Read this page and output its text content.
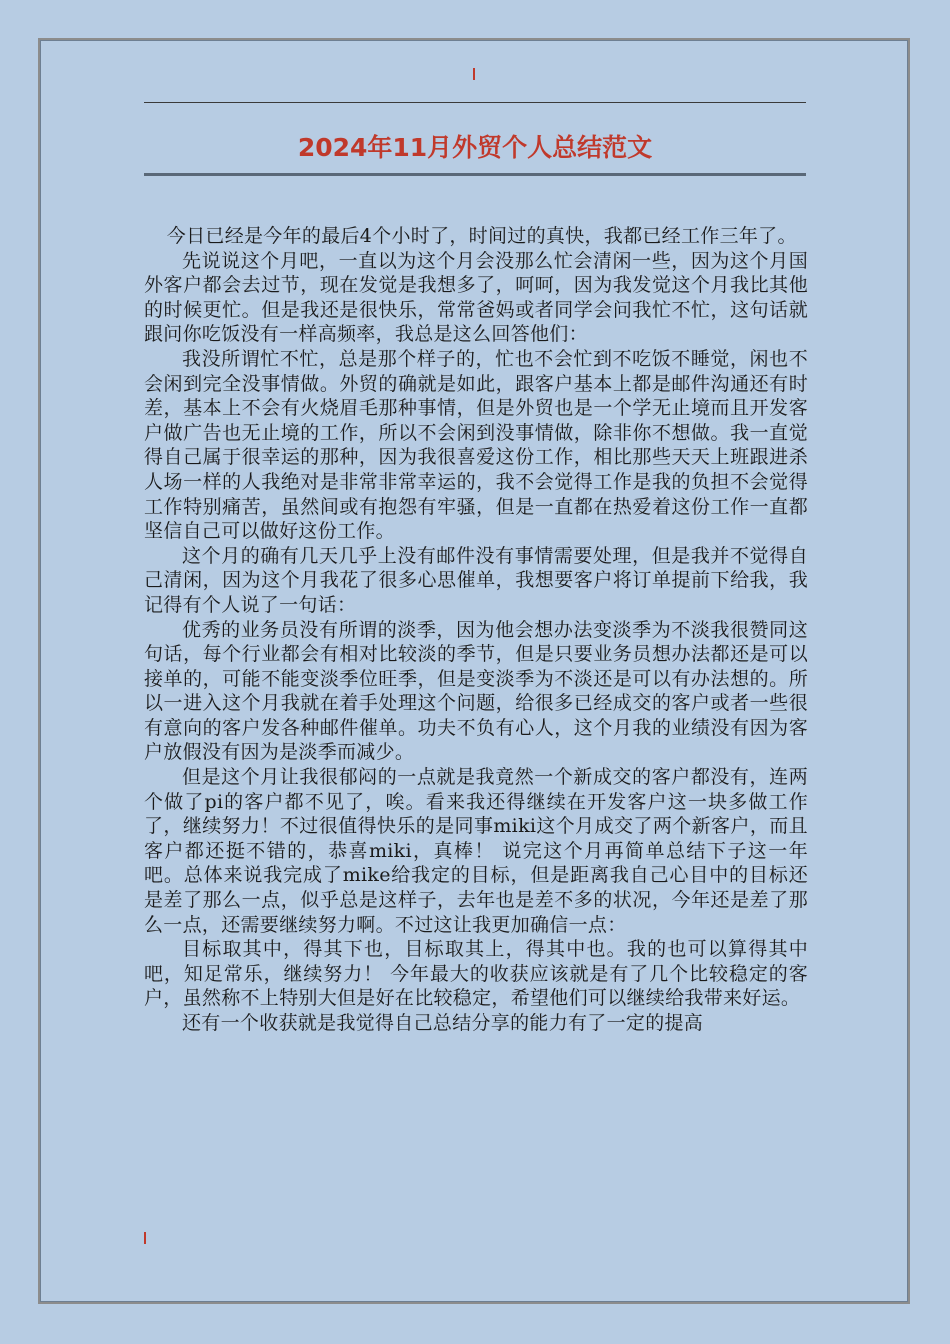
2024年11月外贸个人总结范文

今日已经是今年的最后4个小时了，时间过的真快，我都已经工作三年了。

先说说这个月吧，一直以为这个月会没那么忙会清闲一些，因为这个月国外客户都会去过节，现在发觉是我想多了，呵呵，因为我发觉这个月我比其他的时候更忙。但是我还是很快乐，常常爸妈或者同学会问我忙不忙，这句话就跟问你吃饭没有一样高频率，我总是这么回答他们：

我没所谓忙不忙，总是那个样子的，忙也不会忙到不吃饭不睡觉，闲也不会闲到完全没事情做。外贸的确就是如此，跟客户基本上都是邮件沟通还有时差，基本上不会有火烧眉毛那种事情，但是外贸也是一个学无止境而且开发客户做广告也无止境的工作，所以不会闲到没事情做，除非你不想做。我一直觉得自己属于很幸运的那种，因为我很喜爱这份工作，相比那些天天上班跟进杀人场一样的人我绝对是非常非常幸运的，我不会觉得工作是我的负担不会觉得工作特别痛苦，虽然间或有抱怨有牢骚，但是一直都在热爱着这份工作一直都坚信自己可以做好这份工作。

这个月的确有几天几乎上没有邮件没有事情需要处理，但是我并不觉得自己清闲，因为这个月我花了很多心思催单，我想要客户将订单提前下给我，我记得有个人说了一句话：

优秀的业务员没有所谓的淡季，因为他会想办法变淡季为不淡我很赞同这句话，每个行业都会有相对比较淡的季节，但是只要业务员想办法都还是可以接单的，可能不能变淡季位旺季，但是变淡季为不淡还是可以有办法想的。所以一进入这个月我就在着手处理这个问题，给很多已经成交的客户或者一些很有意向的客户发各种邮件催单。功夫不负有心人，这个月我的业绩没有因为客户放假没有因为是淡季而减少。

但是这个月让我很郁闷的一点就是我竟然一个新成交的客户都没有，连两个做了pi的客户都不见了，唉。看来我还得继续在开发客户这一块多做工作了，继续努力！不过很值得快乐的是同事miki这个月成交了两个新客户，而且客户都还挺不错的，恭喜miki，真棒！ 说完这个月再简单总结下子这一年吧。总体来说我完成了mike给我定的目标，但是距离我自己心目中的目标还是差了那么一点，似乎总是这样子，去年也是差不多的状况，今年还是差了那么一点，还需要继续努力啊。不过这让我更加确信一点：

目标取其中，得其下也，目标取其上，得其中也。我的也可以算得其中吧，知足常乐，继续努力！ 今年最大的收获应该就是有了几个比较稳定的客户，虽然称不上特别大但是好在比较稳定，希望他们可以继续给我带来好运。

还有一个收获就是我觉得自己总结分享的能力有了一定的提高
